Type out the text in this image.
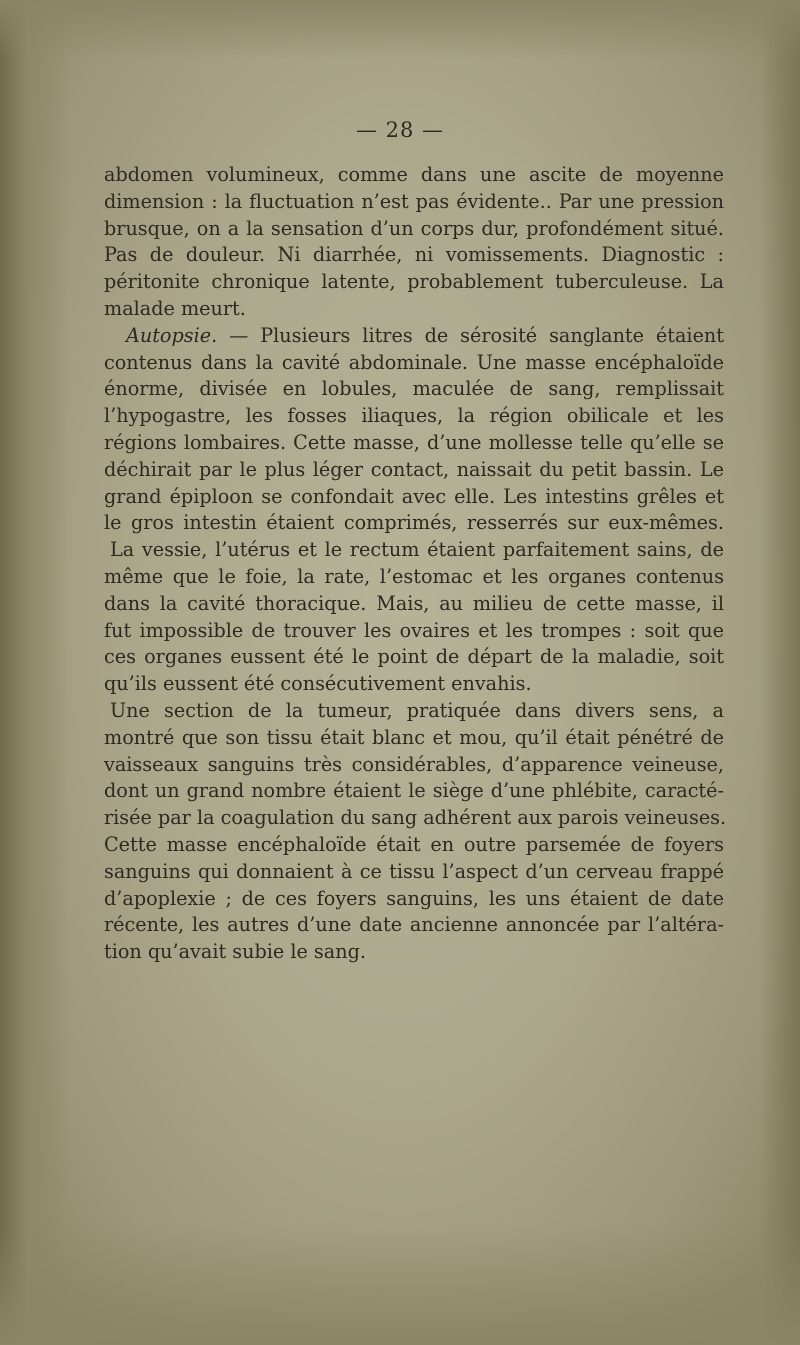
— 28 —
abdomen volumineux, comme dans une ascite de moyenne
dimension : la fluctuation n’est pas évidente.. Par une pression
brusque, on a la sensation d’un corps dur, profondément situé.
Pas de douleur. Ni diarrhée, ni vomissements. Diagnostic :
péritonite chronique latente, probablement tuberculeuse. La
malade meurt.
Autopsie. — Plusieurs litres de sérosité sanglante étaient
contenus dans la cavité abdominale. Une masse encéphaloïde
énorme, divisée en lobules, maculée de sang, remplissait
l’hypogastre, les fosses iliaques, la région obilicale et les
régions lombaires. Cette masse, d’une mollesse telle qu’elle se
déchirait par le plus léger contact, naissait du petit bassin. Le
grand épiploon se confondait avec elle. Les intestins grêles et
le gros intestin étaient comprimés, resserrés sur eux-mêmes.
La vessie, l’utérus et le rectum étaient parfaitement sains, de
même que le foie, la rate, l’estomac et les organes contenus
dans la cavité thoracique. Mais, au milieu de cette masse, il
fut impossible de trouver les ovaires et les trompes : soit que
ces organes eussent été le point de départ de la maladie, soit
qu’ils eussent été consécutivement envahis.
Une section de la tumeur, pratiquée dans divers sens, a
montré que son tissu était blanc et mou, qu’il était pénétré de
vaisseaux sanguins très considérables, d’apparence veineuse,
dont un grand nombre étaient le siège d’une phlébite, caracté-
risée par la coagulation du sang adhérent aux parois veineuses.
Cette masse encéphaloïde était en outre parsemée de foyers
sanguins qui donnaient à ce tissu l’aspect d’un cerveau frappé
d’apoplexie ; de ces foyers sanguins, les uns étaient de date
récente, les autres d’une date ancienne annoncée par l’altéra-
tion qu’avait subie le sang.
